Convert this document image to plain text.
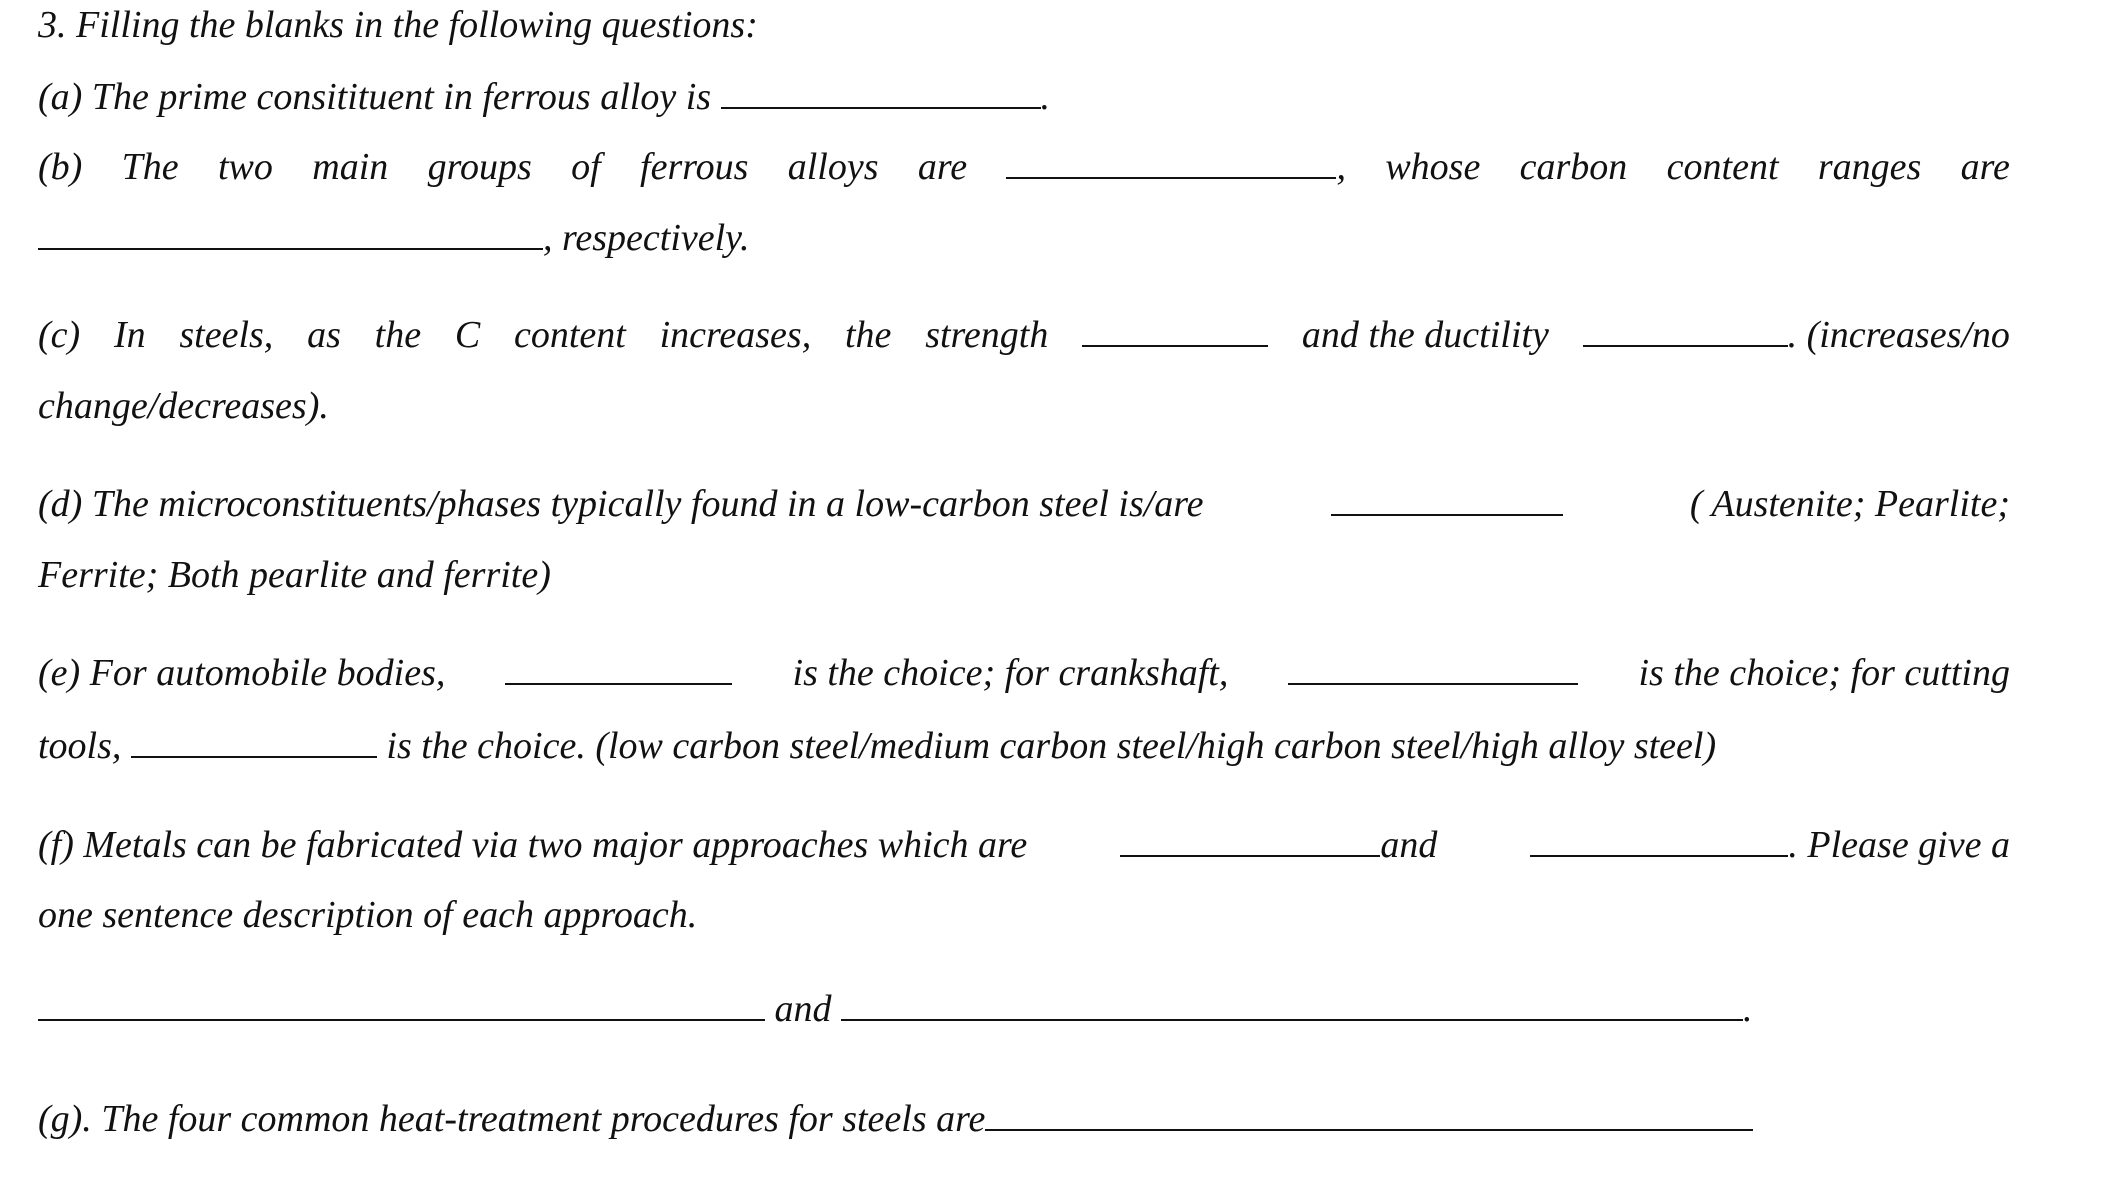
3. Filling the blanks in the following questions:
(a) The prime consitituent in ferrous alloy is	.
(b) The two main groups of ferrous alloys are	, whose carbon content ranges are
, respectively.
(c) In steels, as the C content increases, the strength	and the ductility	. (increases/no
change/decreases).
(d) The microconstituents/phases typically found in a low-carbon steel is/are	( Austenite; Pearlite;
Ferrite; Both pearlite and ferrite)
(e) For automobile bodies,	is the choice; for crankshaft,	is the choice; for cutting
tools,	is the choice. (low carbon steel/medium carbon steel/high carbon steel/high alloy steel)
(f) Metals can be fabricated via two major approaches which are	and	. Please give a
one sentence description of each approach.
and	.
(g). The four common heat-treatment procedures for steels are
